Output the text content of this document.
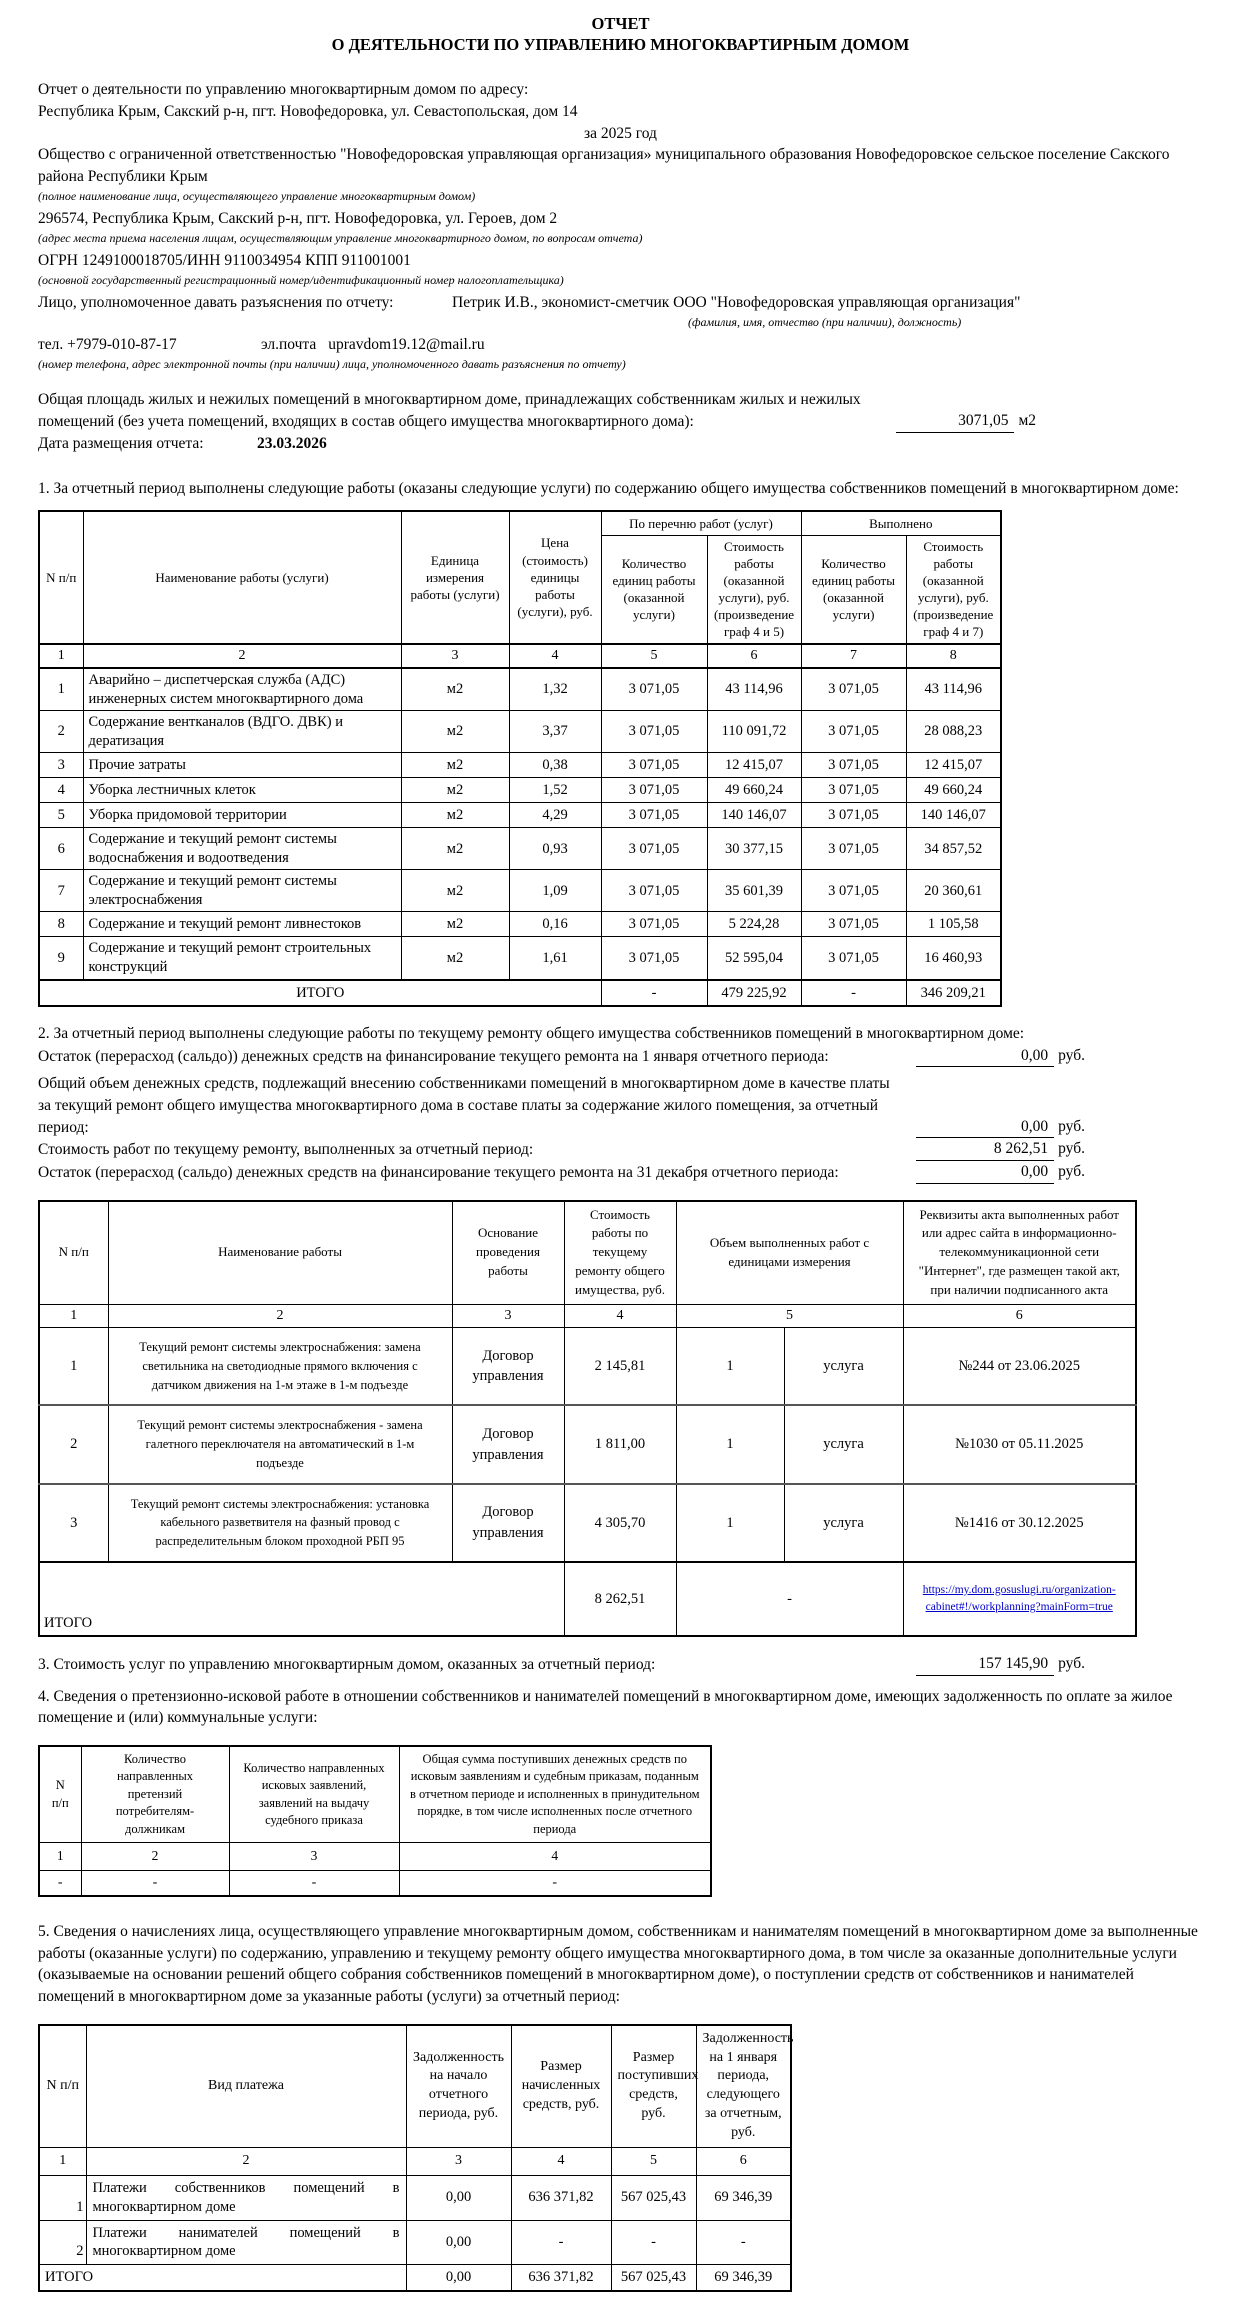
ОТЧЕТ
О ДЕЯТЕЛЬНОСТИ ПО УПРАВЛЕНИЮ МНОГОКВАРТИРНЫМ ДОМОМ
Отчет о деятельности по управлению многоквартирным домом по адресу:
Республика Крым, Сакский р-н, пгт. Новофедоровка, ул. Севастопольская, дом 14
за 2025 год
Общество с ограниченной ответственностью "Новофедоровская управляющая организация» муниципального образования Новофедоровское сельское поселение Сакского района Республики Крым
(полное наименование лица, осуществляющего управление многоквартирным домом)
296574, Республика Крым, Сакский р-н, пгт. Новофедоровка, ул. Героев, дом 2
(адрес места приема населения лицам, осуществляющим управление многоквартирного домом, по вопросам отчета)
ОГРН 1249100018705/ИНН 9110034954 КПП 911001001
(основной государственный регистрационный номер/идентификационный номер налогоплательщика)
Лицо, уполномоченное давать разъяснения по отчету:	Петрик И.В., экономист-сметчик ООО "Новофедоровская управляющая организация"
(фамилия, имя, отчество (при наличии), должность)
тел. +7979-010-87-17	эл.почта upravdom19.12@mail.ru
(номер телефона, адрес электронной почты (при наличии) лица, уполномоченного давать разъяснения по отчету)
Общая площадь жилых и нежилых помещений в многоквартирном доме, принадлежащих собственникам жилых и нежилых помещений (без учета помещений, входящих в состав общего имущества многоквартирного дома):	3071,05 м2
Дата размещения отчета:	23.03.2026
1. За отчетный период выполнены следующие работы (оказаны следующие услуги) по содержанию общего имущества собственников помещений в многоквартирном доме:
N п/п	Наименование работы (услуги)	Единица измерения работы (услуги)	Цена (стоимость) единицы работы (услуги), руб.	По перечню работ (услуг)		Выполнено	
				Количество единиц работы (оказанной услуги)	Стоимость работы (оказанной услуги), руб. (произведение граф 4 и 5)	Количество единиц работы (оказанной услуги)	Стоимость работы (оказанной услуги), руб. (произведение граф 4 и 7)
1	2	3	4	5	6	7	8
1	Аварийно – диспетчерская служба (АДС) инженерных систем многоквартирного дома	м2	1,32	3 071,05	43 114,96	3 071,05	43 114,96
2	Содержание вентканалов (ВДГО. ДВК) и дератизация	м2	3,37	3 071,05	110 091,72	3 071,05	28 088,23
3	Прочие затраты	м2	0,38	3 071,05	12 415,07	3 071,05	12 415,07
4	Уборка лестничных клеток	м2	1,52	3 071,05	49 660,24	3 071,05	49 660,24
5	Уборка придомовой территории	м2	4,29	3 071,05	140 146,07	3 071,05	140 146,07
6	Содержание и текущий ремонт системы водоснабжения и водоотведения	м2	0,93	3 071,05	30 377,15	3 071,05	34 857,52
7	Содержание и текущий ремонт системы электроснабжения	м2	1,09	3 071,05	35 601,39	3 071,05	20 360,61
8	Содержание и текущий ремонт ливнестоков	м2	0,16	3 071,05	5 224,28	3 071,05	1 105,58
9	Содержание и текущий ремонт строительных конструкций	м2	1,61	3 071,05	52 595,04	3 071,05	16 460,93
ИТОГО				-	479 225,92	-	346 209,21
2. За отчетный период выполнены следующие работы по текущему ремонту общего имущества собственников помещений в многоквартирном доме:
Остаток (перерасход (сальдо)) денежных средств на финансирование текущего ремонта на 1 января отчетного периода:	0,00 руб.
Общий объем денежных средств, подлежащий внесению собственниками помещений в многоквартирном доме в качестве платы за текущий ремонт общего имущества многоквартирного дома в составе платы за содержание жилого помещения, за отчетный период:	0,00 руб.
Стоимость работ по текущему ремонту, выполненных за отчетный период:	8 262,51 руб.
Остаток (перерасход (сальдо) денежных средств на финансирование текущего ремонта на 31 декабря отчетного периода:	0,00 руб.
N п/п	Наименование работы	Основание проведения работы	Стоимость работы по текущему ремонту общего имущества, руб.	Объем выполненных работ с единицами измерения		Реквизиты акта выполненных работ или адрес сайта в информационно-телекоммуникационной сети "Интернет", где размещен такой акт, при наличии подписанного акта
1	2	3	4	5		6
1	Текущий ремонт системы электроснабжения: замена светильника на светодиодные прямого включения с датчиком движения на 1-м этаже в 1-м подъезде	Договор управления	2 145,81	1	услуга	№244 от 23.06.2025
2	Текущий ремонт системы электроснабжения - замена галетного переключателя на автоматический в 1-м подъезде	Договор управления	1 811,00	1	услуга	№1030 от 05.11.2025
3	Текущий ремонт системы электроснабжения: установка кабельного разветвителя на фазный провод с распределительным блоком проходной РБП 95	Договор управления	4 305,70	1	услуга	№1416 от 30.12.2025
ИТОГО			8 262,51	-		https://my.dom.gosuslugi.ru/organization-cabinet#!/workplanning?mainForm=true
3. Стоимость услуг по управлению многоквартирным домом, оказанных за отчетный период:	157 145,90 руб.
4. Сведения о претензионно-исковой работе в отношении собственников и нанимателей помещений в многоквартирном доме, имеющих задолженность по оплате за жилое помещение и (или) коммунальные услуги:
N п/п	Количество направленных претензий потребителям-должникам	Количество направленных исковых заявлений, заявлений на выдачу судебного приказа	Общая сумма поступивших денежных средств по исковым заявлениям и судебным приказам, поданным в отчетном периоде и исполненных в принудительном порядке, в том числе исполненных после отчетного периода
1	2	3	4
-	-	-	-
5. Сведения о начислениях лица, осуществляющего управление многоквартирным домом, собственникам и нанимателям помещений в многоквартирном доме за выполненные работы (оказанные услуги) по содержанию, управлению и текущему ремонту общего имущества многоквартирного дома, в том числе за оказанные дополнительные услуги (оказываемые на основании решений общего собрания собственников помещений в многоквартирном доме), о поступлении средств от собственников и нанимателей помещений в многоквартирном доме за указанные работы (услуги) за отчетный период:
N п/п	Вид платежа	Задолженность на начало отчетного периода, руб.	Размер начисленных средств, руб.	Размер поступивших средств, руб.	Задолженность на 1 января периода, следующего за отчетным, руб.
1	2	3	4	5	6
1	Платежи собственников помещений в многоквартирном доме	0,00	636 371,82	567 025,43	69 346,39
2	Платежи нанимателей помещений в многоквартирном доме	0,00	-	-	-
ИТОГО		0,00	636 371,82	567 025,43	69 346,39
